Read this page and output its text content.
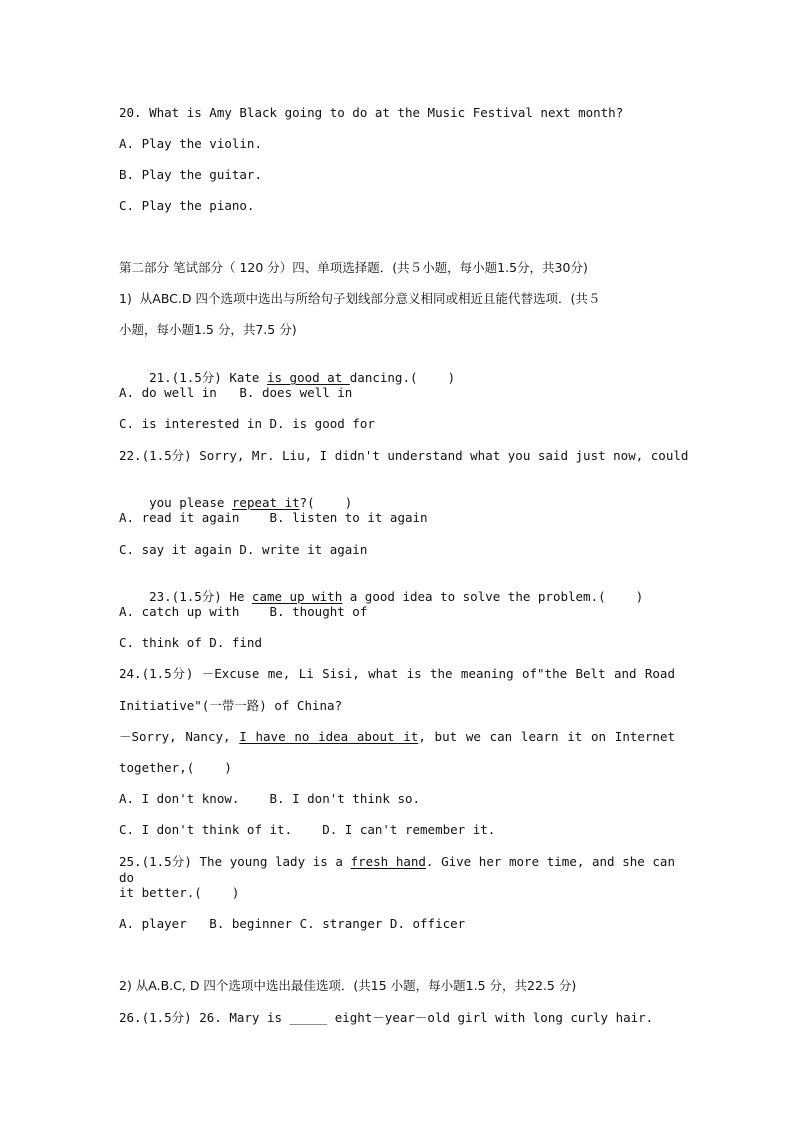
20. What is Amy Black going to do at the Music Festival next month?
A. Play the violin.
B. Play the guitar.
C. Play the piano.
第二部分 笔试部分（ 120 分）四、单项选择题．(共５小题，每小题1.5分，共30分)
1)  从ABC.D 四个选项中选出与所给句子划线部分意义相同或相近且能代替选项．(共５
小题，每小题1.5 分，共7.5 分)

21.(1.5分) Kate is good at dancing.(    )

A. do well in   B. does well in
C. is interested in D. is good for
22.(1.5分) Sorry, Mr. Liu, I didn't understand what you said just now, could

you please repeat it?(    )

A. read it again    B. listen to it again
C. say it again D. write it again

23.(1.5分) He came up with a good idea to solve the problem.(    )

A. catch up with    B. thought of
C. think of D. find
24.(1.5分) －Excuse me, Li Sisi, what is the meaning of"the Belt and Road
Initiative"(一带一路) of China?
－Sorry, Nancy, I have no idea about it, but we can learn it on Internet
together,(    )
A. I don't know.    B. I don't think so.
C. I don't think of it.    D. I can't remember it.
25.(1.5分) The young lady is a fresh hand. Give her more time, and she can do
it better.(    )
A. player   B. beginner C. stranger D. officer
2) 从A.B.C, D 四个选项中选出最佳选项．(共15 小题，每小题1.5 分，共22.5 分)
26.(1.5分) 26. Mary is _____ eight－year－old girl with long curly hair.
